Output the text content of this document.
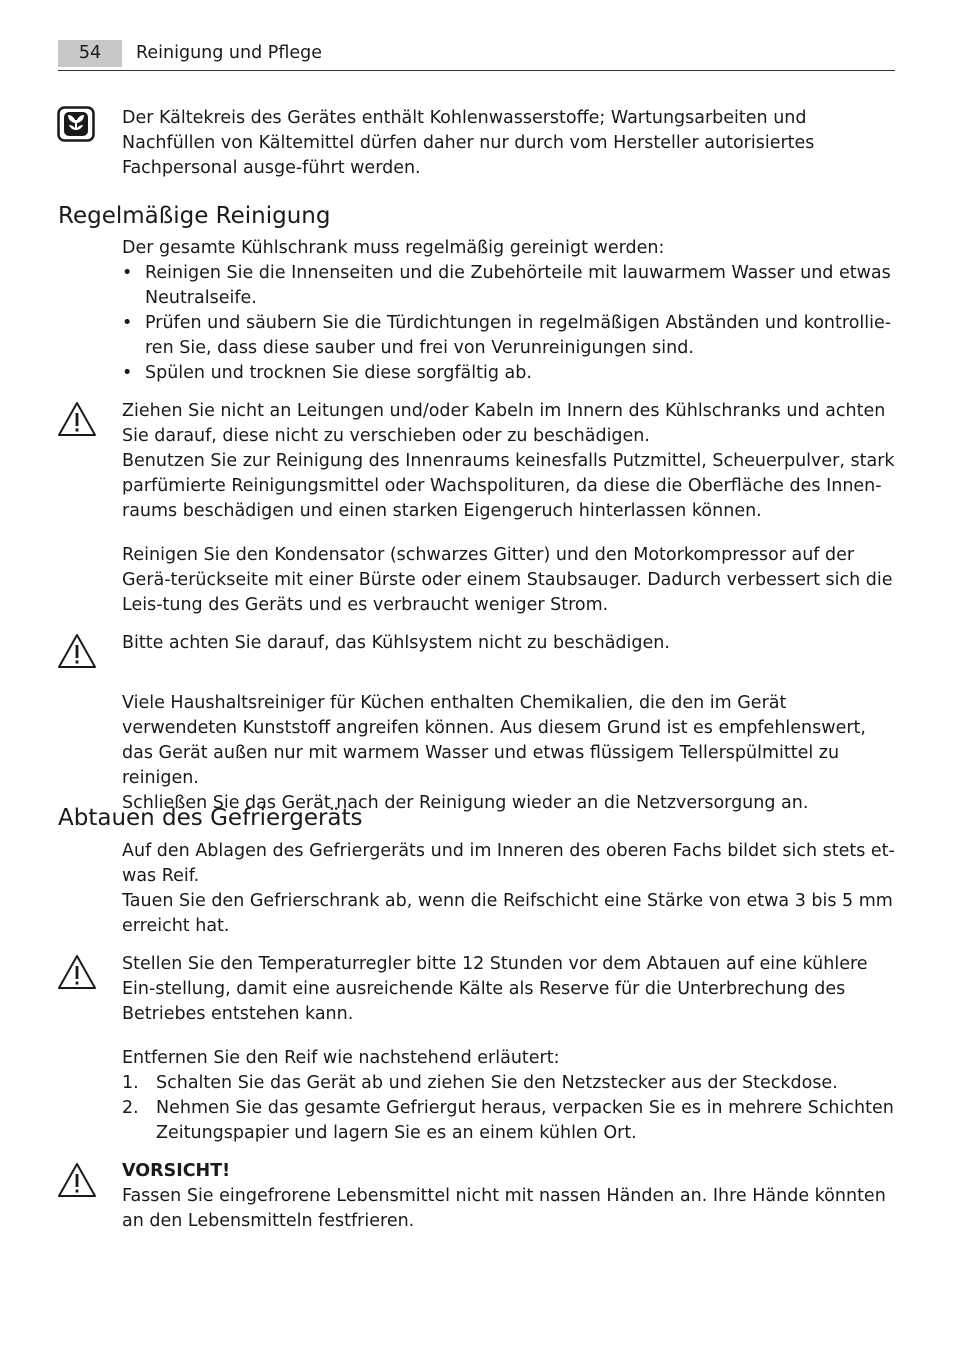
54	Reinigung und Pflege

Der Kältekreis des Gerätes enthält Kohlenwasserstoffe; Wartungsarbeiten und Nachfüllen von Kältemittel dürfen daher nur durch vom Hersteller autorisiertes Fachpersonal ausge-führt werden.

Regelmäßige Reinigung

Der gesamte Kühlschrank muss regelmäßig gereinigt werden:

• Reinigen Sie die Innenseiten und die Zubehörteile mit lauwarmem Wasser und etwas Neutralseife.
• Prüfen und säubern Sie die Türdichtungen in regelmäßigen Abständen und kontrollie-ren Sie, dass diese sauber und frei von Verunreinigungen sind.
• Spülen und trocknen Sie diese sorgfältig ab.

Ziehen Sie nicht an Leitungen und/oder Kabeln im Innern des Kühlschranks und achten Sie darauf, diese nicht zu verschieben oder zu beschädigen.

Benutzen Sie zur Reinigung des Innenraums keinesfalls Putzmittel, Scheuerpulver, stark parfümierte Reinigungsmittel oder Wachspolituren, da diese die Oberfläche des Innen-raums beschädigen und einen starken Eigengeruch hinterlassen können.

Reinigen Sie den Kondensator (schwarzes Gitter) und den Motorkompressor auf der Gerä-terückseite mit einer Bürste oder einem Staubsauger. Dadurch verbessert sich die Leis-tung des Geräts und es verbraucht weniger Strom.

Bitte achten Sie darauf, das Kühlsystem nicht zu beschädigen.

Viele Haushaltsreiniger für Küchen enthalten Chemikalien, die den im Gerät verwendeten Kunststoff angreifen können. Aus diesem Grund ist es empfehlenswert, das Gerät außen nur mit warmem Wasser und etwas flüssigem Tellerspülmittel zu reinigen.

Schließen Sie das Gerät nach der Reinigung wieder an die Netzversorgung an.

Abtauen des Gefriergeräts

Auf den Ablagen des Gefriergeräts und im Inneren des oberen Fachs bildet sich stets et-was Reif.

Tauen Sie den Gefrierschrank ab, wenn die Reifschicht eine Stärke von etwa 3 bis 5 mm erreicht hat.

Stellen Sie den Temperaturregler bitte 12 Stunden vor dem Abtauen auf eine kühlere Ein-stellung, damit eine ausreichende Kälte als Reserve für die Unterbrechung des Betriebes entstehen kann.

Entfernen Sie den Reif wie nachstehend erläutert:

1. Schalten Sie das Gerät ab und ziehen Sie den Netzstecker aus der Steckdose.
2. Nehmen Sie das gesamte Gefriergut heraus, verpacken Sie es in mehrere Schichten Zeitungspapier und lagern Sie es an einem kühlen Ort.

VORSICHT!

Fassen Sie eingefrorene Lebensmittel nicht mit nassen Händen an. Ihre Hände könnten an den Lebensmitteln festfrieren.
